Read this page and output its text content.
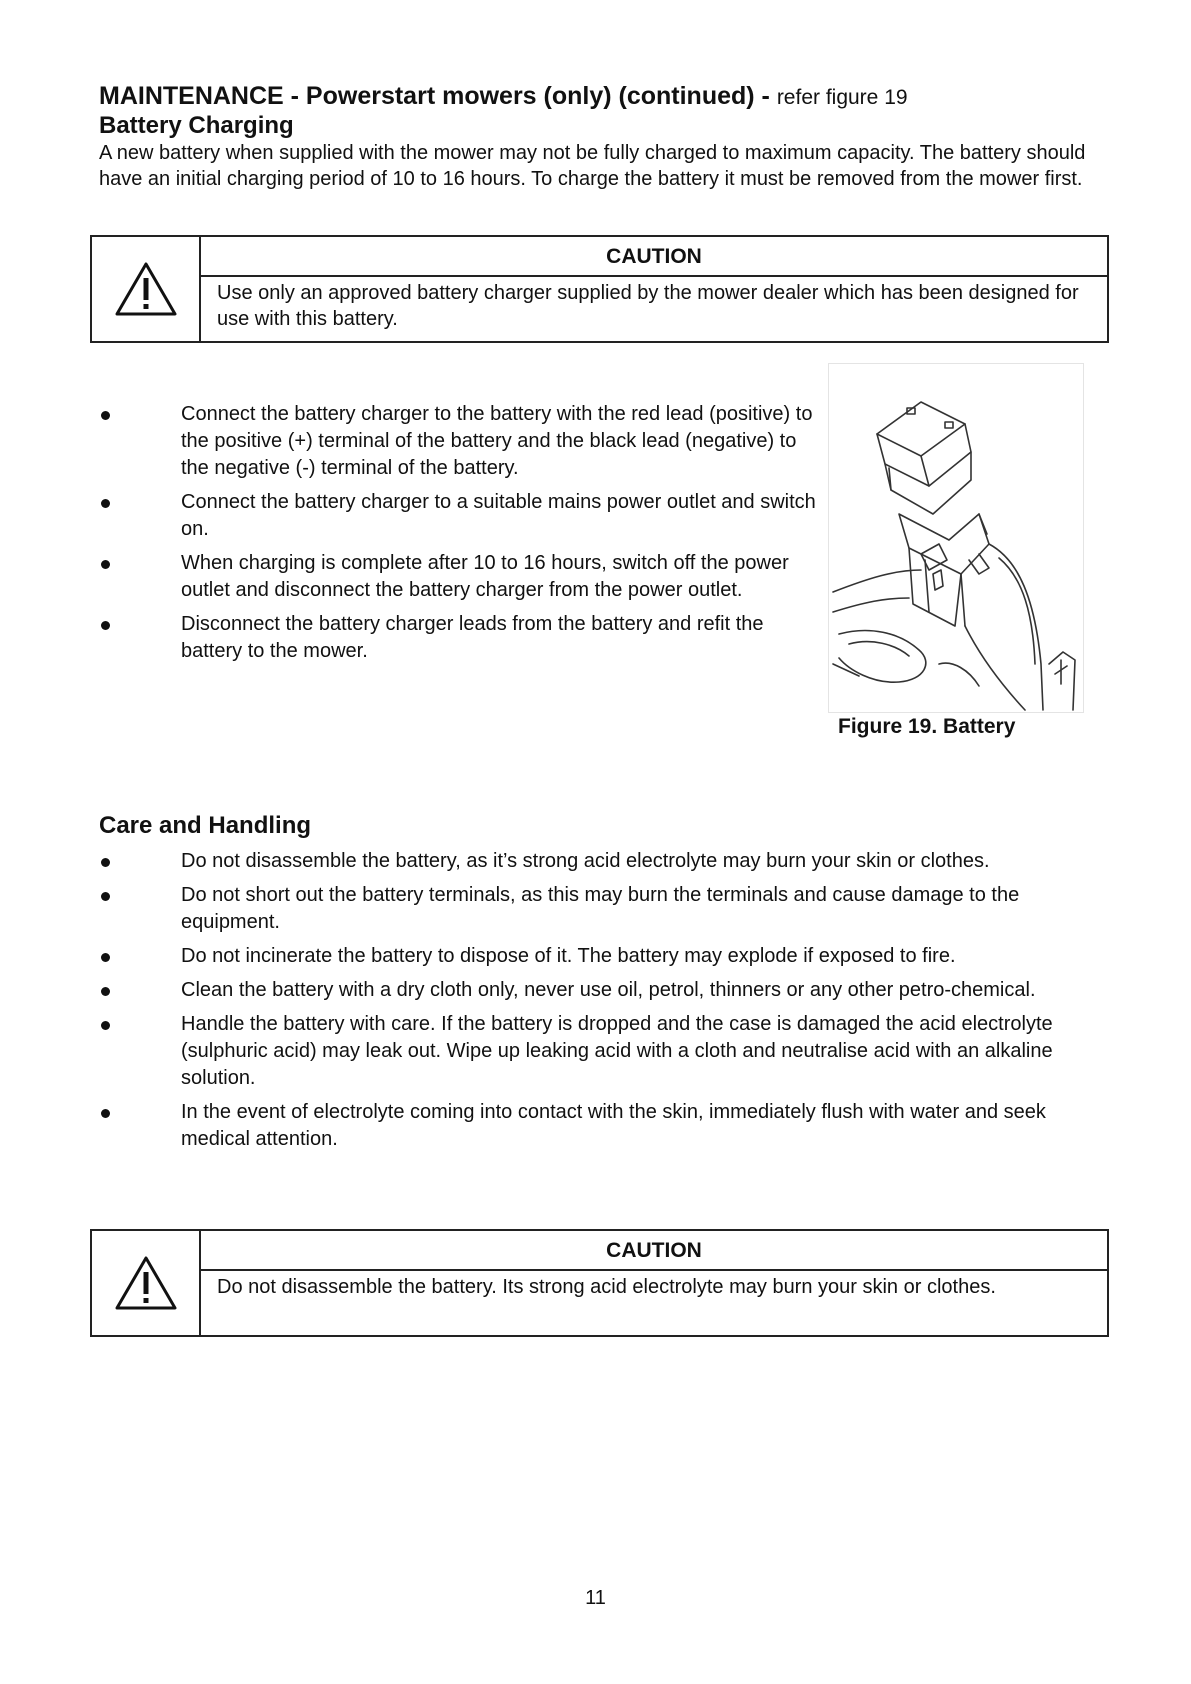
MAINTENANCE - Powerstart mowers (only) (continued) - refer figure 19
Battery Charging
A new battery when supplied with the mower may not be fully charged to maximum capacity. The battery should have an initial charging period of 10 to 16 hours. To charge the battery it must be removed from the mower first.
CAUTION
Use only an approved battery charger supplied by the mower dealer which has been designed for use with this battery.
Connect the battery charger to the battery with the red lead (positive) to the positive (+) terminal of the battery and the black lead (negative) to the negative (-) terminal of the battery.
Connect the battery charger to a suitable mains power outlet and switch on.
When charging is complete after 10 to 16 hours, switch off the power outlet and disconnect the battery charger from the power outlet.
Disconnect the battery charger leads from the battery and refit the battery to the mower.
Figure 19. Battery
Care and Handling
Do not disassemble the battery, as it’s strong acid electrolyte may burn your skin or clothes.
Do not short out the battery terminals, as this may burn the terminals and cause damage to the equipment.
Do not incinerate the battery to dispose of it. The battery may explode if exposed to fire.
Clean the battery with a dry cloth only, never use oil, petrol, thinners or any other petro-chemical.
Handle the battery with care. If the battery is dropped and the case is damaged the acid electrolyte (sulphuric acid) may leak out. Wipe up leaking acid with a cloth and neutralise acid with an alkaline solution.
In the event of electrolyte coming into contact with the skin, immediately flush with water and seek medical attention.
CAUTION
Do not disassemble the battery. Its strong acid electrolyte may burn your skin or clothes.
11
